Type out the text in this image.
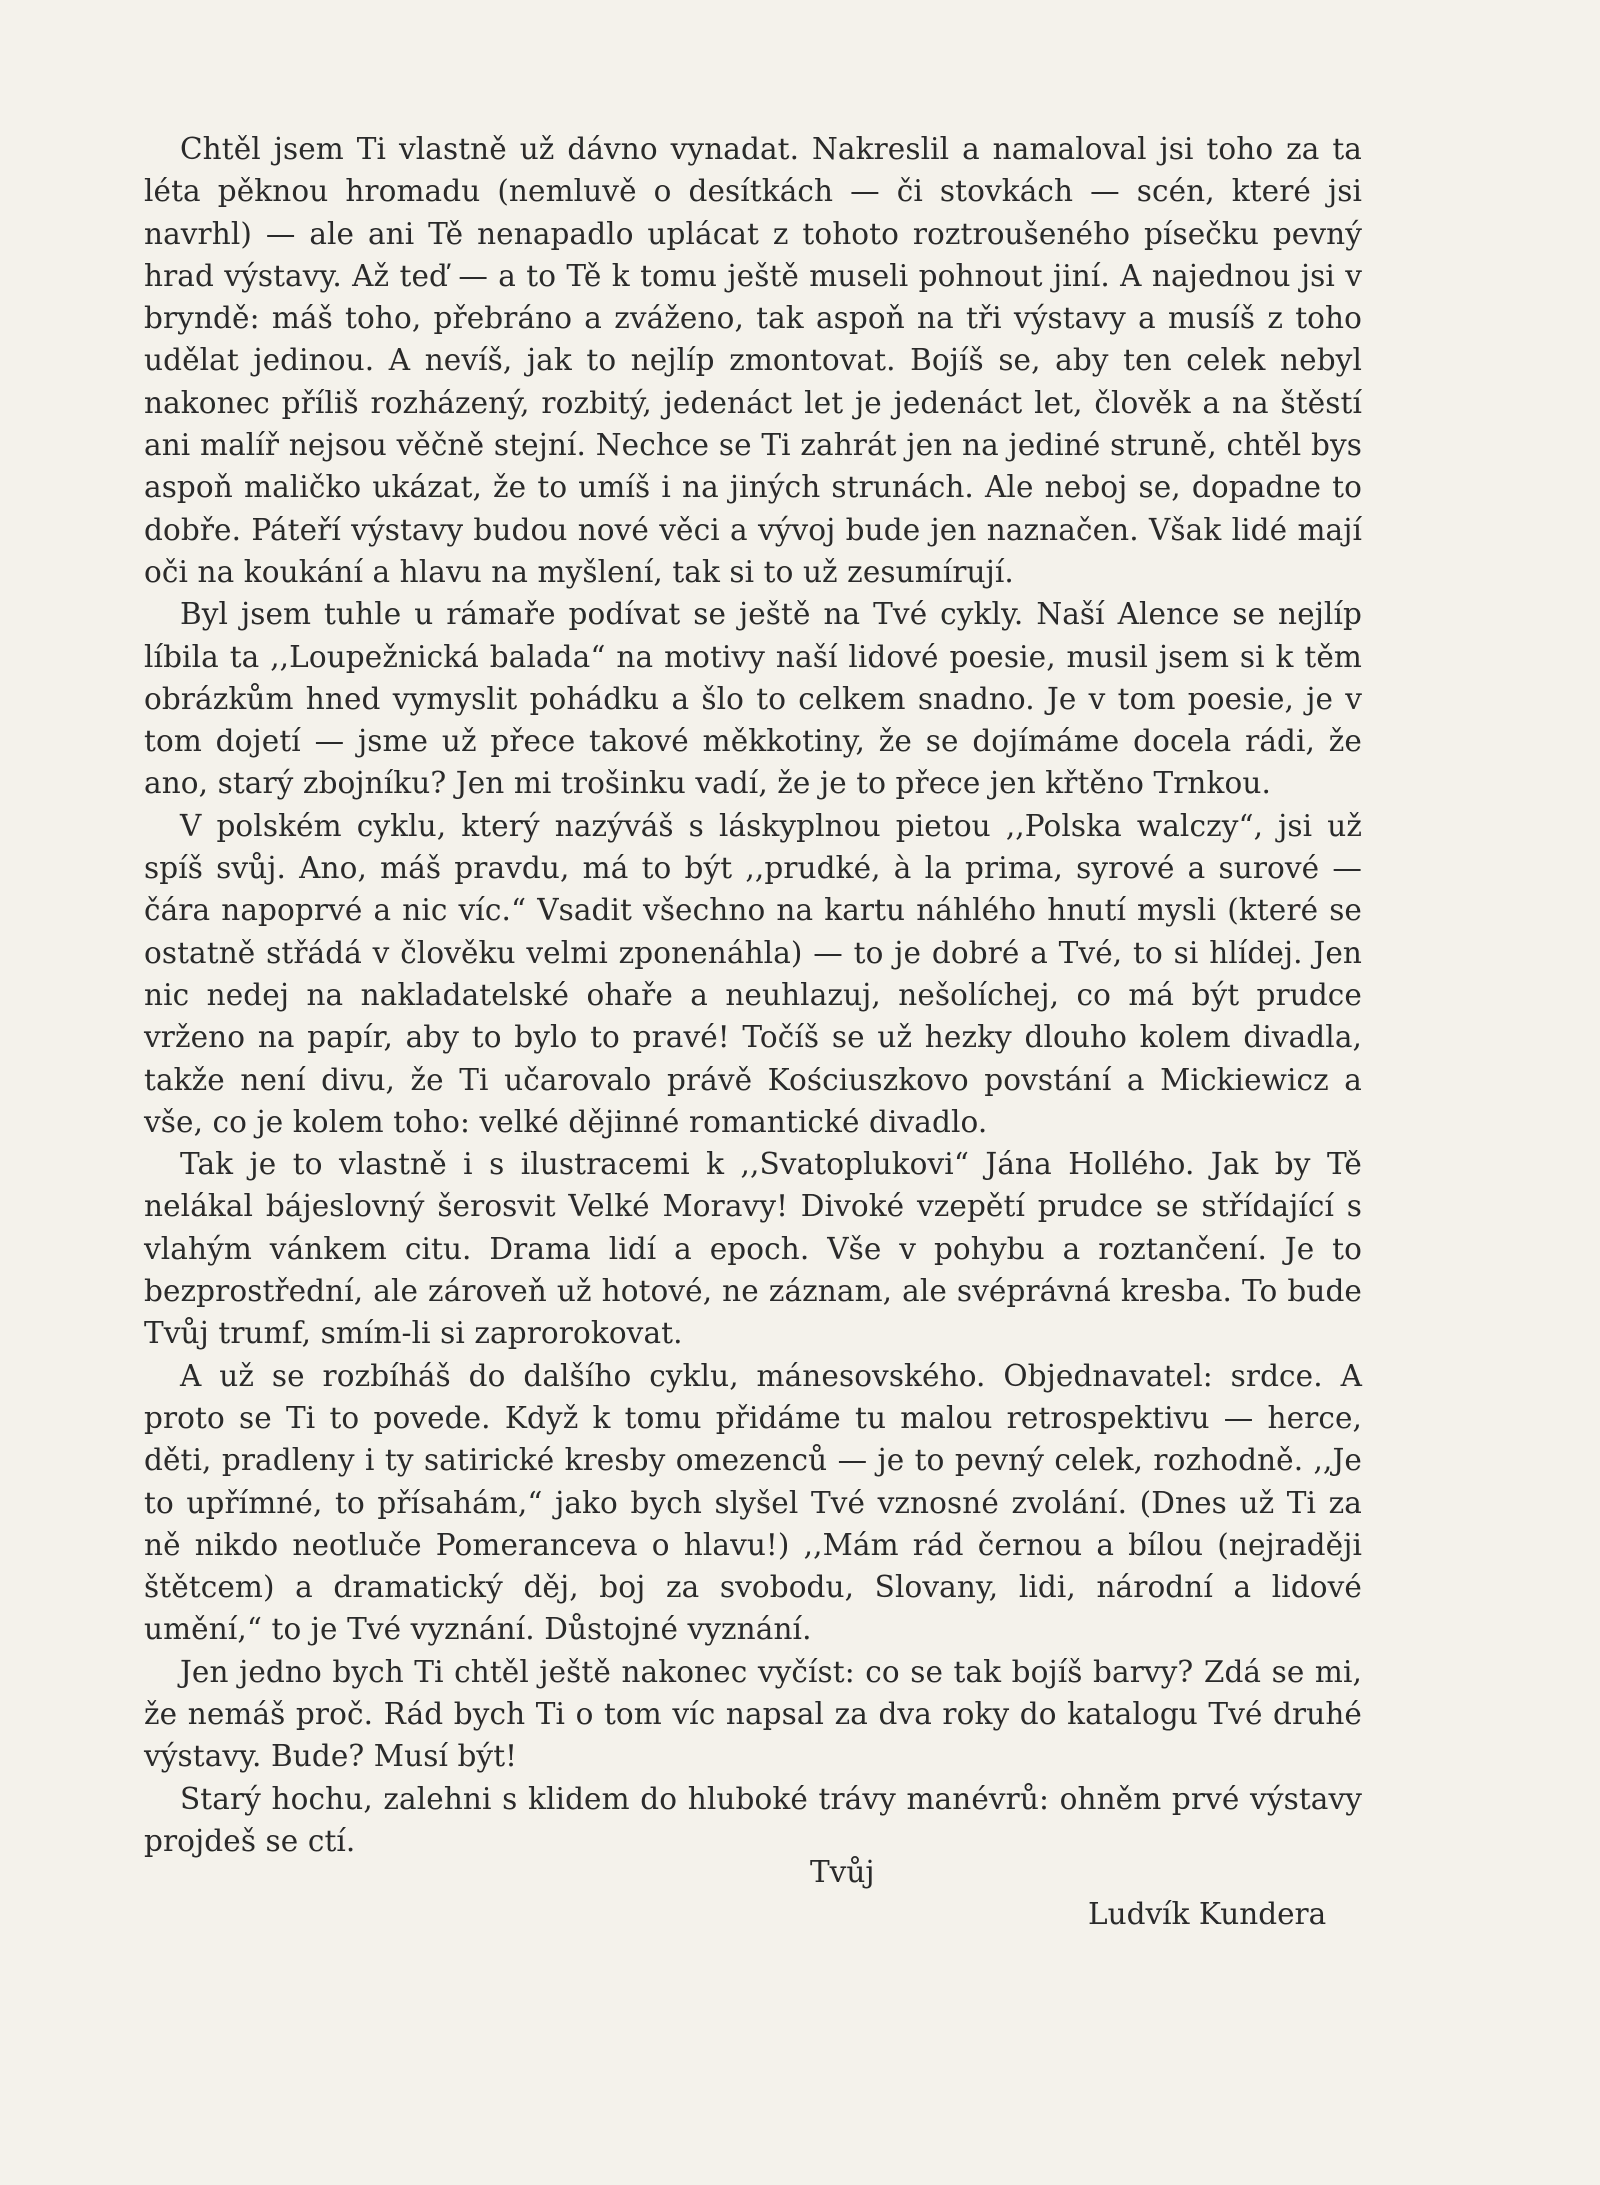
Chtěl jsem Ti vlastně už dávno vynadat. Nakreslil a namaloval jsi toho za ta léta pěknou hromadu (nemluvě o desítkách — či stovkách — scén, které jsi navrhl) — ale ani Tě nenapadlo uplácat z tohoto roztroušeného písečku pevný hrad výstavy. Až teď — a to Tě k tomu ještě museli pohnout jiní. A najednou jsi v bryndě: máš toho, přebráno a zváženo, tak aspoň na tři výstavy a musíš z toho udělat jedinou. A nevíš, jak to nejlíp zmontovat. Bojíš se, aby ten celek nebyl nakonec příliš rozházený, rozbitý, jedenáct let je jedenáct let, člověk a na štěstí ani malíř nejsou věčně stejní. Nechce se Ti zahrát jen na jediné struně, chtěl bys aspoň maličko ukázat, že to umíš i na jiných strunách. Ale neboj se, dopadne to dobře. Páteří výstavy budou nové věci a vývoj bude jen naznačen. Však lidé mají oči na koukání a hlavu na myšlení, tak si to už zesumírují.

Byl jsem tuhle u rámaře podívat se ještě na Tvé cykly. Naší Alence se nejlíp líbila ta ,,Loupežnická balada“ na motivy naší lidové poesie, musil jsem si k těm obrázkům hned vymyslit pohádku a šlo to celkem snadno. Je v tom poesie, je v tom dojetí — jsme už přece takové měkkotiny, že se dojímáme docela rádi, že ano, starý zbojníku? Jen mi trošinku vadí, že je to přece jen křtěno Trnkou.

V polském cyklu, který nazýváš s láskyplnou pietou ,,Polska walczy“, jsi už spíš svůj. Ano, máš pravdu, má to být ,,prudké, à la prima, syrové a surové — čára napoprvé a nic víc.“ Vsadit všechno na kartu náhlého hnutí mysli (které se ostatně střádá v člověku velmi zponenáhla) — to je dobré a Tvé, to si hlídej. Jen nic nedej na nakladatelské ohaře a neuhlazuj, nešolíchej, co má být prudce vrženo na papír, aby to bylo to pravé! Točíš se už hezky dlouho kolem divadla, takže není divu, že Ti učarovalo právě Kościuszkovo povstání a Mickiewicz a vše, co je kolem toho: velké dějinné romantické divadlo.

Tak je to vlastně i s ilustracemi k ,,Svatoplukovi“ Jána Hollého. Jak by Tě nelákal bájeslovný šerosvit Velké Moravy! Divoké vzepětí prudce se střídající s vlahým vánkem citu. Drama lidí a epoch. Vše v pohybu a roztančení. Je to bezprostřední, ale zároveň už hotové, ne záznam, ale svéprávná kresba. To bude Tvůj trumf, smím-li si zaprorokovat.

A už se rozbíháš do dalšího cyklu, mánesovského. Objednavatel: srdce. A proto se Ti to povede. Když k tomu přidáme tu malou retrospektivu — herce, děti, pradleny i ty satirické kresby omezenců — je to pevný celek, rozhodně. ,,Je to upřímné, to přísahám,“ jako bych slyšel Tvé vznosné zvolání. (Dnes už Ti za ně nikdo neotluče Pomeranceva o hlavu!) ,,Mám rád černou a bílou (nejraději štětcem) a dramatický děj, boj za svobodu, Slovany, lidi, národní a lidové umění,“ to je Tvé vyznání. Důstojné vyznání.

Jen jedno bych Ti chtěl ještě nakonec vyčíst: co se tak bojíš barvy? Zdá se mi, že nemáš proč. Rád bych Ti o tom víc napsal za dva roky do katalogu Tvé druhé výstavy. Bude? Musí být!

Starý hochu, zalehni s klidem do hluboké trávy manévrů: ohněm prvé výstavy projdeš se ctí.

Tvůj
Ludvík Kundera
